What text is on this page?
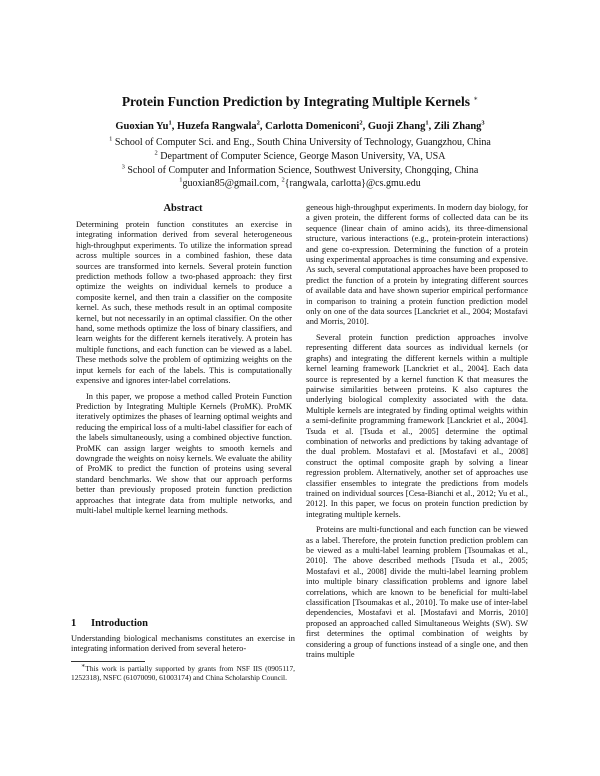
Protein Function Prediction by Integrating Multiple Kernels ∗
Guoxian Yu$^1$, Huzefa Rangwala$^2$, Carlotta Domeniconi$^2$, Guoji Zhang$^1$, Zili Zhang$^3$
$^1$ School of Computer Sci. and Eng., South China University of Technology, Guangzhou, China
$^2$ Department of Computer Science, George Mason University, VA, USA
$^3$ School of Computer and Information Science, Southwest University, Chongqing, China
$^1$guoxian85@gmail.com, $^2${rangwala, carlotta}@cs.gmu.edu
Abstract

Determining protein function constitutes an exercise in integrating information derived from several heterogeneous high-throughput experiments. To utilize the information spread across multiple sources in a combined fashion, these data sources are transformed into kernels. Several protein function prediction methods follow a two-phased approach: they first optimize the weights on individual kernels to produce a composite kernel, and then train a classifier on the composite kernel. As such, these methods result in an optimal composite kernel, but not necessarily in an optimal classifier. On the other hand, some methods optimize the loss of binary classifiers, and learn weights for the different kernels iteratively. A protein has multiple functions, and each function can be viewed as a label. These methods solve the problem of optimizing weights on the input kernels for each of the labels. This is computationally expensive and ignores inter-label correlations.

In this paper, we propose a method called Protein Function Prediction by Integrating Multiple Kernels (ProMK). ProMK iteratively optimizes the phases of learning optimal weights and reducing the empirical loss of a multi-label classifier for each of the labels simultaneously, using a combined objective function. ProMK can assign larger weights to smooth kernels and downgrade the weights on noisy kernels. We evaluate the ability of ProMK to predict the function of proteins using several standard benchmarks. We show that our approach performs better than previously proposed protein function prediction approaches that integrate data from multiple networks, and multi-label multiple kernel learning methods.

1 Introduction

Understanding biological mechanisms constitutes an exercise in integrating information derived from several hetero-

∗This work is partially supported by grants from NSF IIS (0905117, 1252318), NSFC (61070090, 61003174) and China Scholarship Council.

geneous high-throughput experiments. In modern day biology, for a given protein, the different forms of collected data can be its sequence (linear chain of amino acids), its three-dimensional structure, various interactions (e.g., protein-protein interactions) and gene co-expression. Determining the function of a protein using experimental approaches is time consuming and expensive. As such, several computational approaches have been proposed to predict the function of a protein by integrating different sources of available data and have shown superior empirical performance in comparison to training a protein function prediction model only on one of the data sources [Lanckriet et al., 2004; Mostafavi and Morris, 2010].

Several protein function prediction approaches involve representing different data sources as individual kernels (or graphs) and integrating the different kernels within a multiple kernel learning framework [Lanckriet et al., 2004]. Each data source is represented by a kernel function K that measures the pairwise similarities between proteins. K also captures the underlying biological complexity associated with the data. Multiple kernels are integrated by finding optimal weights within a semi-definite programming framework [Lanckriet et al., 2004]. Tsuda et al. [Tsuda et al., 2005] determine the optimal combination of networks and predictions by taking advantage of the dual problem. Mostafavi et al. [Mostafavi et al., 2008] construct the optimal composite graph by solving a linear regression problem. Alternatively, another set of approaches use classifier ensembles to integrate the predictions from models trained on individual sources [Cesa-Bianchi et al., 2012; Yu et al., 2012]. In this paper, we focus on protein function prediction by integrating multiple kernels.

Proteins are multi-functional and each function can be viewed as a label. Therefore, the protein function prediction problem can be viewed as a multi-label learning problem [Tsoumakas et al., 2010]. The above described methods [Tsuda et al., 2005; Mostafavi et al., 2008] divide the multi-label learning problem into multiple binary classification problems and ignore label correlations, which are known to be beneficial for multi-label classification [Tsoumakas et al., 2010]. To make use of inter-label dependencies, Mostafavi et al. [Mostafavi and Morris, 2010] proposed an approached called Simultaneous Weights (SW). SW first determines the optimal combination of weights by considering a group of functions instead of a single one, and then trains multiple
